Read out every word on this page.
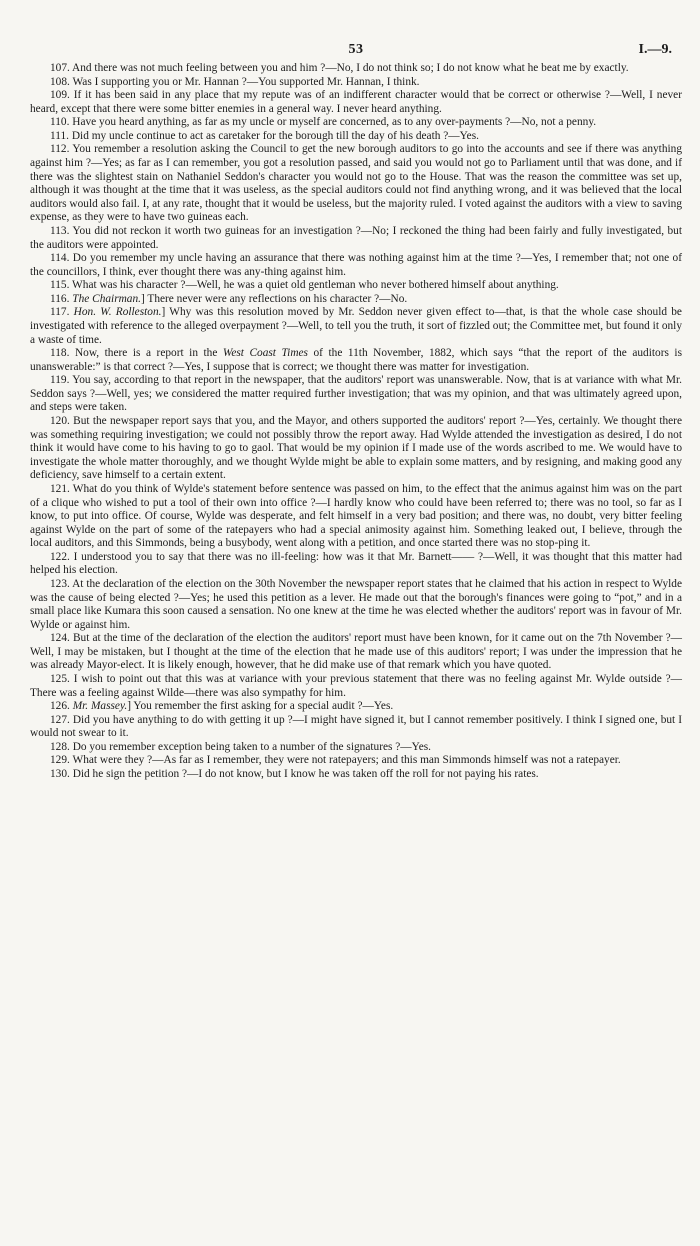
53	I.—9.

107. And there was not much feeling between you and him ?—No, I do not think so; I do not know what he beat me by exactly.

108. Was I supporting you or Mr. Hannan ?—You supported Mr. Hannan, I think.

109. If it has been said in any place that my repute was of an indifferent character would that be correct or otherwise ?—Well, I never heard, except that there were some bitter enemies in a general way. I never heard anything.

110. Have you heard anything, as far as my uncle or myself are concerned, as to any over-payments ?—No, not a penny.

111. Did my uncle continue to act as caretaker for the borough till the day of his death ?—Yes.

112. You remember a resolution asking the Council to get the new borough auditors to go into the accounts and see if there was anything against him ?—Yes; as far as I can remember, you got a resolution passed, and said you would not go to Parliament until that was done, and if there was the slightest stain on Nathaniel Seddon's character you would not go to the House. That was the reason the committee was set up, although it was thought at the time that it was useless, as the special auditors could not find anything wrong, and it was believed that the local auditors would also fail. I, at any rate, thought that it would be useless, but the majority ruled. I voted against the auditors with a view to saving expense, as they were to have two guineas each.

113. You did not reckon it worth two guineas for an investigation ?—No; I reckoned the thing had been fairly and fully investigated, but the auditors were appointed.

114. Do you remember my uncle having an assurance that there was nothing against him at the time ?—Yes, I remember that; not one of the councillors, I think, ever thought there was any-thing against him.

115. What was his character ?—Well, he was a quiet old gentleman who never bothered himself about anything.

116. The Chairman.] There never were any reflections on his character ?—No.

117. Hon. W. Rolleston.] Why was this resolution moved by Mr. Seddon never given effect to—that, is that the whole case should be investigated with reference to the alleged overpayment ?—Well, to tell you the truth, it sort of fizzled out; the Committee met, but found it only a waste of time.

118. Now, there is a report in the West Coast Times of the 11th November, 1882, which says “that the report of the auditors is unanswerable:” is that correct ?—Yes, I suppose that is correct; we thought there was matter for investigation.

119. You say, according to that report in the newspaper, that the auditors' report was unanswerable. Now, that is at variance with what Mr. Seddon says ?—Well, yes; we considered the matter required further investigation; that was my opinion, and that was ultimately agreed upon, and steps were taken.

120. But the newspaper report says that you, and the Mayor, and others supported the auditors' report ?—Yes, certainly. We thought there was something requiring investigation; we could not possibly throw the report away. Had Wylde attended the investigation as desired, I do not think it would have come to his having to go to gaol. That would be my opinion if I made use of the words ascribed to me. We would have to investigate the whole matter thoroughly, and we thought Wylde might be able to explain some matters, and by resigning, and making good any deficiency, save himself to a certain extent.

121. What do you think of Wylde's statement before sentence was passed on him, to the effect that the animus against him was on the part of a clique who wished to put a tool of their own into office ?—I hardly know who could have been referred to; there was no tool, so far as I know, to put into office. Of course, Wylde was desperate, and felt himself in a very bad position; and there was, no doubt, very bitter feeling against Wylde on the part of some of the ratepayers who had a special animosity against him. Something leaked out, I believe, through the local auditors, and this Simmonds, being a busybody, went along with a petition, and once started there was no stop-ping it.

122. I understood you to say that there was no ill-feeling: how was it that Mr. Barnett—— ?—Well, it was thought that this matter had helped his election.

123. At the declaration of the election on the 30th November the newspaper report states that he claimed that his action in respect to Wylde was the cause of being elected ?—Yes; he used this petition as a lever. He made out that the borough's finances were going to “pot,” and in a small place like Kumara this soon caused a sensation. No one knew at the time he was elected whether the auditors' report was in favour of Mr. Wylde or against him.

124. But at the time of the declaration of the election the auditors' report must have been known, for it came out on the 7th November ?—Well, I may be mistaken, but I thought at the time of the election that he made use of this auditors' report; I was under the impression that he was already Mayor-elect. It is likely enough, however, that he did make use of that remark which you have quoted.

125. I wish to point out that this was at variance with your previous statement that there was no feeling against Mr. Wylde outside ?—There was a feeling against Wilde—there was also sympathy for him.

126. Mr. Massey.] You remember the first asking for a special audit ?—Yes.

127. Did you have anything to do with getting it up ?—I might have signed it, but I cannot remember positively. I think I signed one, but I would not swear to it.

128. Do you remember exception being taken to a number of the signatures ?—Yes.

129. What were they ?—As far as I remember, they were not ratepayers; and this man Simmonds himself was not a ratepayer.

130. Did he sign the petition ?—I do not know, but I know he was taken off the roll for not paying his rates.
